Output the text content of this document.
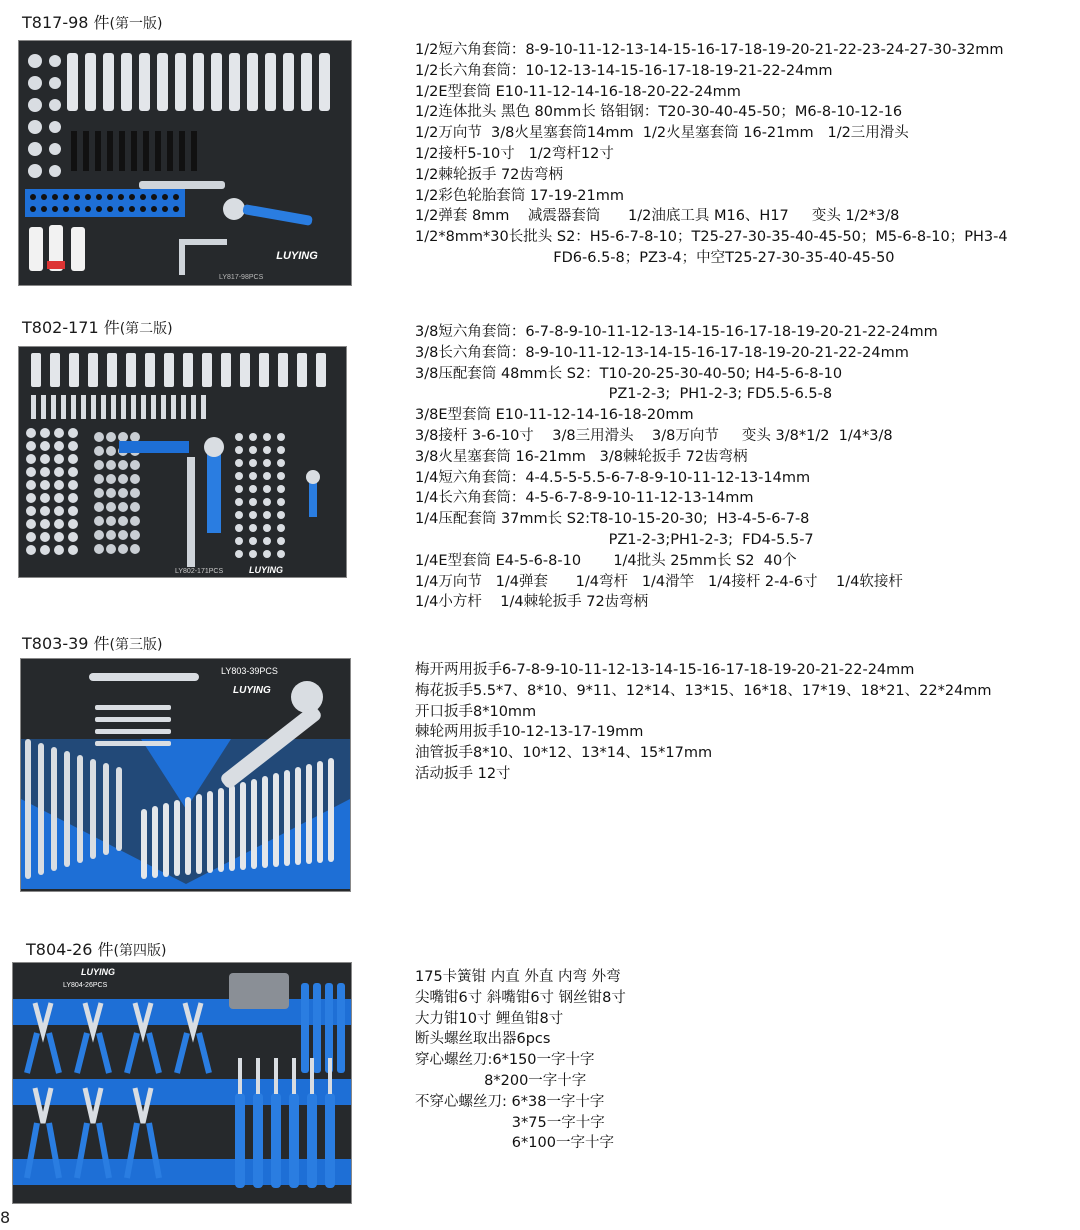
T817-98 件(第一版)
LUYING
LY817-98PCS
1/2短六角套筒：8-9-10-11-12-13-14-15-16-17-18-19-20-21-22-23-24-27-30-32mm
1/2长六角套筒：10-12-13-14-15-16-17-18-19-21-22-24mm
1/2E型套筒 E10-11-12-14-16-18-20-22-24mm
1/2连体批头 黑色 80mm长 铬钼钢：T20-30-40-45-50；M6-8-10-12-16
1/2万向节  3/8火星塞套筒14mm  1/2火星塞套筒 16-21mm   1/2三用滑头
1/2接杆5-10寸   1/2弯杆12寸
1/2棘轮扳手 72齿弯柄
1/2彩色轮胎套筒 17-19-21mm
1/2弹套 8mm    减震器套筒      1/2油底工具 M16、H17     变头 1/2*3/8
1/2*8mm*30长批头 S2：H5-6-7-8-10；T25-27-30-35-40-45-50；M5-6-8-10；PH3-4
FD6-6.5-8；PZ3-4；中空T25-27-30-35-40-45-50
T802-171 件(第二版)
LY802-171PCS	LUYING
3/8短六角套筒：6-7-8-9-10-11-12-13-14-15-16-17-18-19-20-21-22-24mm
3/8长六角套筒：8-9-10-11-12-13-14-15-16-17-18-19-20-21-22-24mm
3/8压配套筒 48mm长 S2：T10-20-25-30-40-50; H4-5-6-8-10
PZ1-2-3;  PH1-2-3; FD5.5-6.5-8
3/8E型套筒 E10-11-12-14-16-18-20mm
3/8接杆 3-6-10寸    3/8三用滑头    3/8万向节     变头 3/8*1/2  1/4*3/8
3/8火星塞套筒 16-21mm   3/8棘轮扳手 72齿弯柄
1/4短六角套筒：4-4.5-5-5.5-6-7-8-9-10-11-12-13-14mm
1/4长六角套筒：4-5-6-7-8-9-10-11-12-13-14mm
1/4压配套筒 37mm长 S2:T8-10-15-20-30;  H3-4-5-6-7-8
PZ1-2-3;PH1-2-3;  FD4-5.5-7
1/4E型套筒 E4-5-6-8-10       1/4批头 25mm长 S2  40个
1/4万向节   1/4弹套      1/4弯杆   1/4滑竿   1/4接杆 2-4-6寸    1/4软接杆
1/4小方杆    1/4棘轮扳手 72齿弯柄
T803-39 件(第三版)
LY803-39PCS
LUYING
梅开两用扳手6-7-8-9-10-11-12-13-14-15-16-17-18-19-20-21-22-24mm
梅花扳手5.5*7、8*10、9*11、12*14、13*15、16*18、17*19、18*21、22*24mm
开口扳手8*10mm
棘轮两用扳手10-12-13-17-19mm
油管扳手8*10、10*12、13*14、15*17mm
活动扳手 12寸
T804-26 件(第四版)
LUYING
LY804-26PCS
175卡簧钳 内直 外直 内弯 外弯
尖嘴钳6寸 斜嘴钳6寸 钢丝钳8寸
大力钳10寸 鲤鱼钳8寸
断头螺丝取出器6pcs
穿心螺丝刀:6*150一字十字
8*200一字十字
不穿心螺丝刀: 6*38一字十字
3*75一字十字
6*100一字十字
8
